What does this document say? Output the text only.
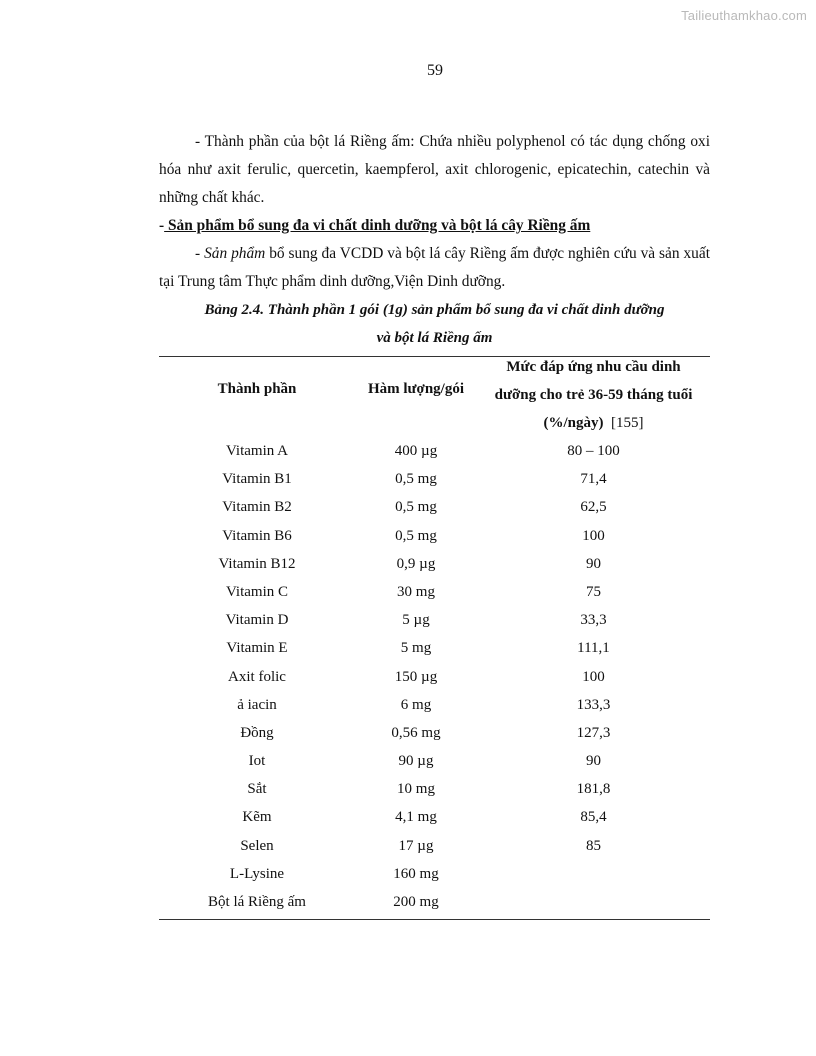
Tailieuthamkhao.com
59
- Thành phần của bột lá Riềng ấm: Chứa nhiều polyphenol có tác dụng chống oxi hóa như axit ferulic, quercetin, kaempferol, axit chlorogenic, epicatechin, catechin và những chất khác.
- Sản phẩm bổ sung đa vi chất dinh dưỡng và bột lá cây Riềng ấm
- Sản phẩm bổ sung đa VCDD và bột lá cây Riềng ấm được nghiên cứu và sản xuất tại Trung tâm Thực phẩm dinh dưỡng,Viện Dinh dưỡng.
Bảng 2.4. Thành phần 1 gói (1g) sản phẩm bổ sung đa vi chất dinh dưỡng
và bột lá Riềng ấm
Thành phần	Hàm lượng/gói
Mức đáp ứng nhu cầu dinh
dưỡng cho trẻ 36-59 tháng tuổi
(%/ngày) [155]
Vitamin A	400 µg	80 – 100
Vitamin B1	0,5 mg	71,4
Vitamin B2	0,5 mg	62,5
Vitamin B6	0,5 mg	100
Vitamin B12	0,9 µg	90
Vitamin C	30 mg	75
Vitamin D	5 µg	33,3
Vitamin E	5 mg	111,1
Axit folic	150 µg	100
ả iacin	6 mg	133,3
Đồng	0,56 mg	127,3
Iot	90 µg	90
Sắt	10 mg	181,8
Kẽm	4,1 mg	85,4
Selen	17 µg	85
L-Lysine	160 mg
Bột lá Riềng ấm	200 mg
